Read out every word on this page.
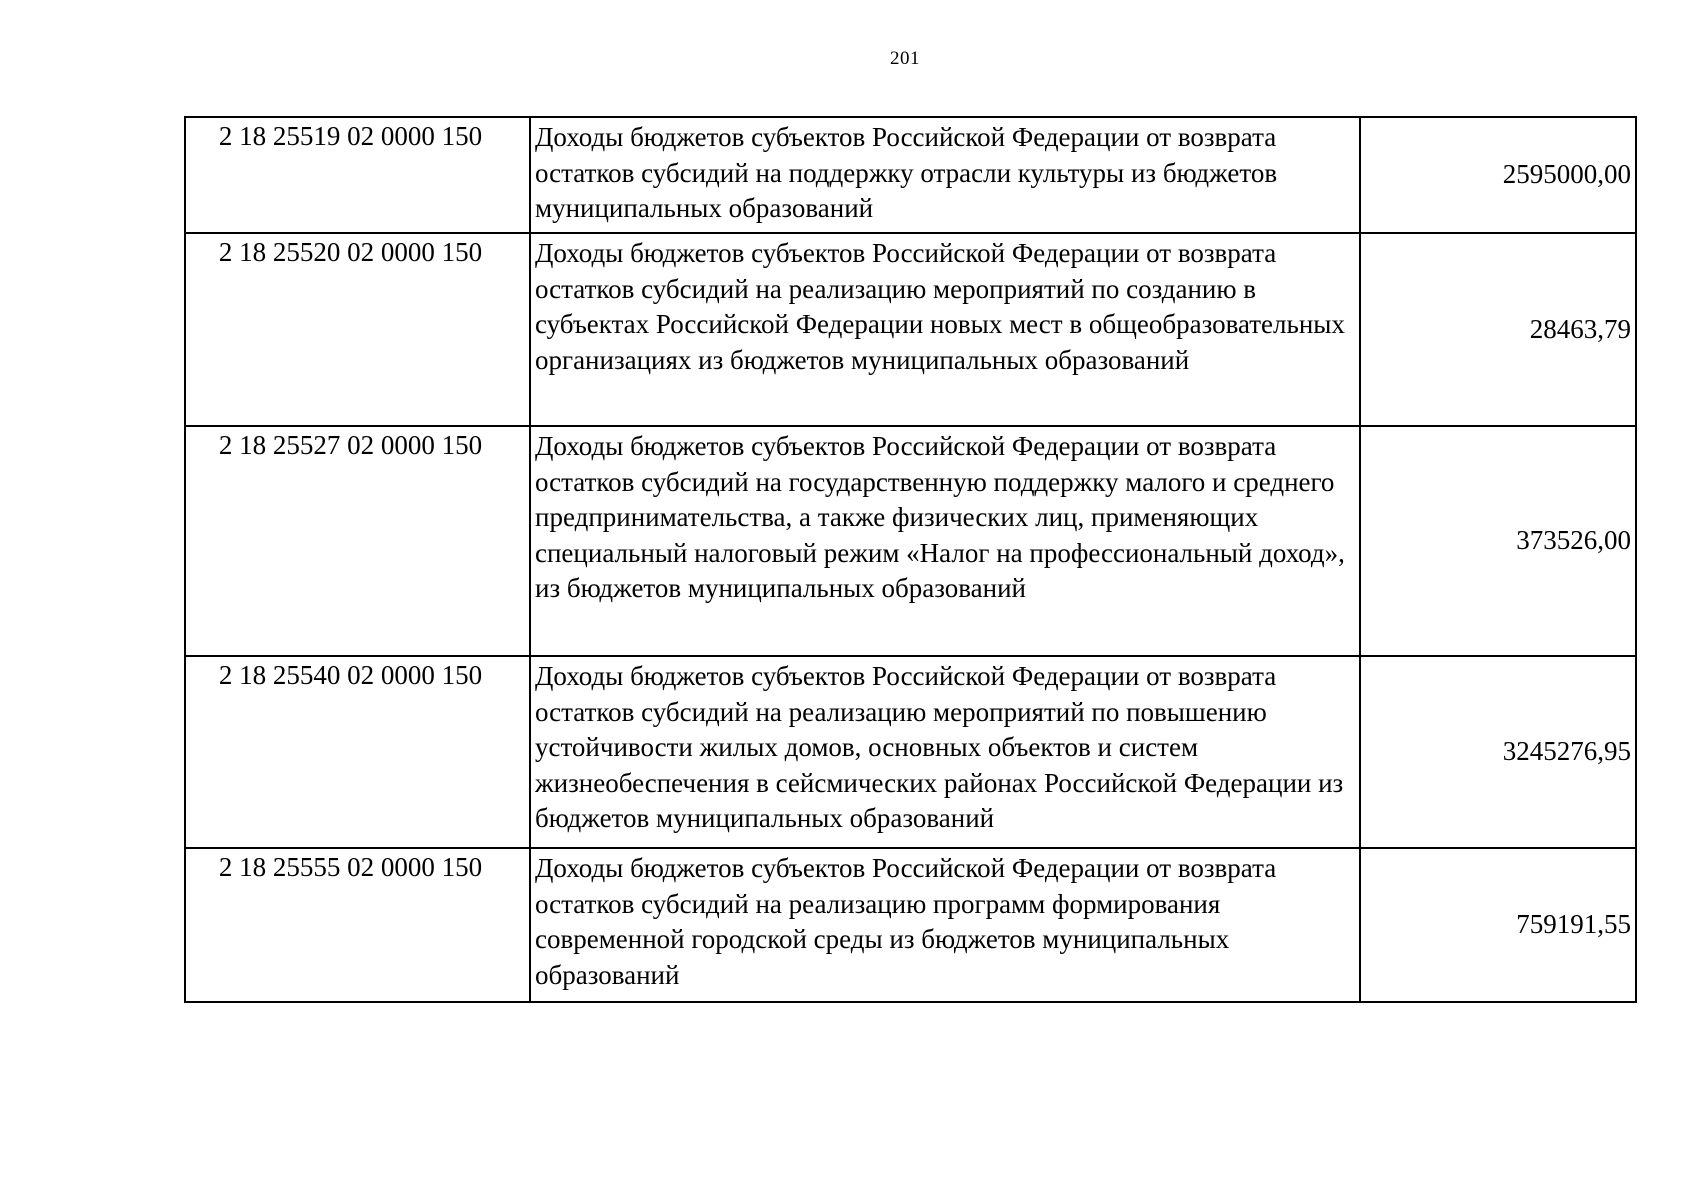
201
2 18 25519 02 0000 150	Доходы бюджетов субъектов Российской Федерации от возврата остатков субсидий на поддержку отрасли культуры из бюджетов муниципальных образований	2595000,00
2 18 25520 02 0000 150	Доходы бюджетов субъектов Российской Федерации от возврата остатков субсидий на реализацию мероприятий по созданию в субъектах Российской Федерации новых мест в общеобразовательных организациях из бюджетов муниципальных образований	28463,79
2 18 25527 02 0000 150	Доходы бюджетов субъектов Российской Федерации от возврата остатков субсидий на государственную поддержку малого и среднего предпринимательства, а также физических лиц, применяющих специальный налоговый режим «Налог на профессиональный доход», из бюджетов муниципальных образований	373526,00
2 18 25540 02 0000 150	Доходы бюджетов субъектов Российской Федерации от возврата остатков субсидий на реализацию мероприятий по повышению устойчивости жилых домов, основных объектов и систем жизнеобеспечения в сейсмических районах Российской Федерации из бюджетов муниципальных образований	3245276,95
2 18 25555 02 0000 150	Доходы бюджетов субъектов Российской Федерации от возврата остатков субсидий на реализацию программ формирования современной городской среды из бюджетов муниципальных образований	759191,55
